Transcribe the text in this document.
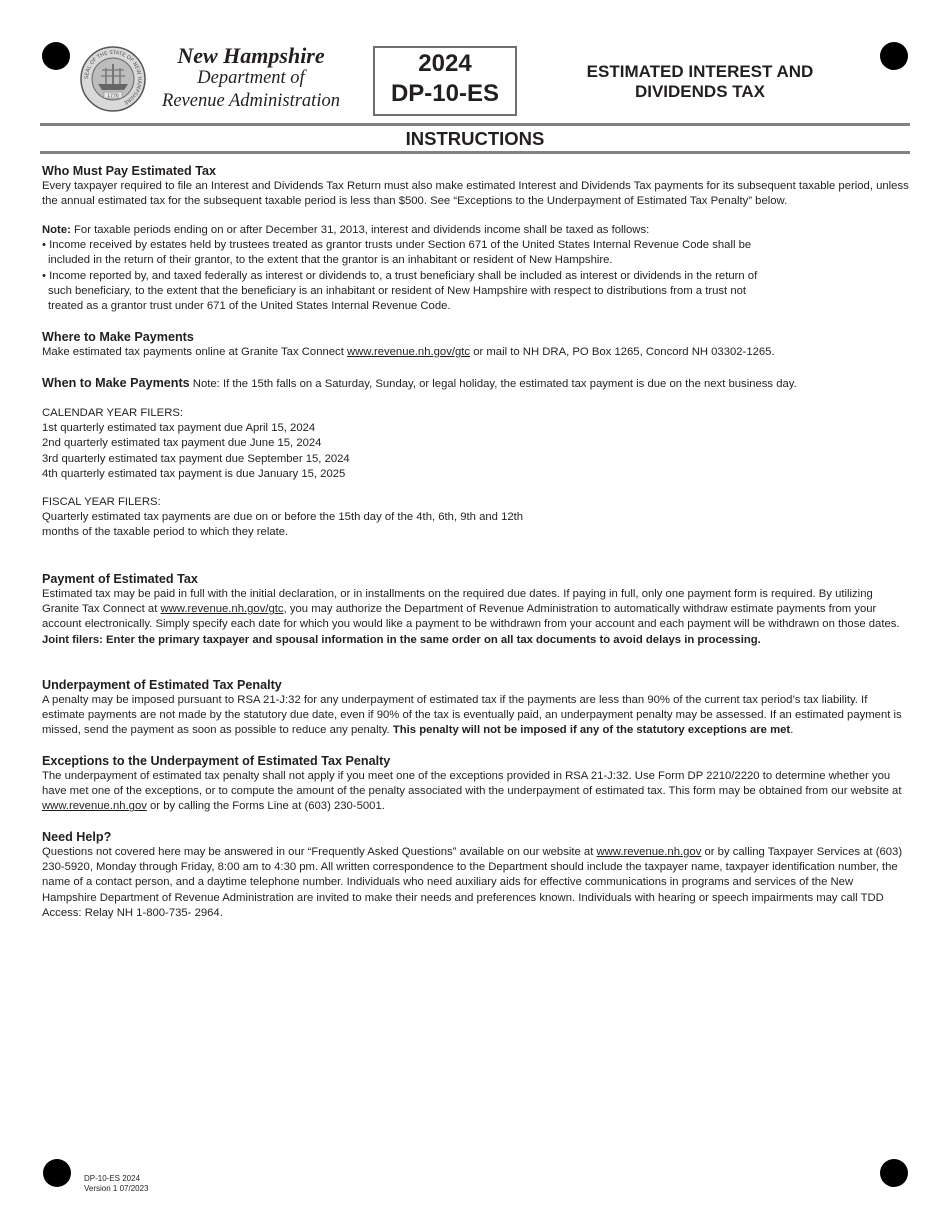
SEAL OF THE STATE OF NEW HAMPSHIRE
1776
New Hampshire
Department of
Revenue Administration
2024
DP-10-ES
ESTIMATED INTEREST AND
DIVIDENDS TAX
INSTRUCTIONS

Who Must Pay Estimated Tax

Every taxpayer required to file an Interest and Dividends Tax Return must also make estimated Interest and Dividends Tax payments for its subsequent taxable period, unless the annual estimated tax for the subsequent taxable period is less than $500. See “Exceptions to the Underpayment of Estimated Tax Penalty” below.

Note: For taxable periods ending on or after December 31, 2013, interest and dividends income shall be taxed as follows:

• Income received by estates held by trustees treated as grantor trusts under Section 671 of the United States Internal Revenue Code shall be
included in the return of their grantor, to the extent that the grantor is an inhabitant or resident of New Hampshire.

• Income reported by, and taxed federally as interest or dividends to, a trust beneficiary shall be included as interest or dividends in the return of
such beneficiary, to the extent that the beneficiary is an inhabitant or resident of New Hampshire with respect to distributions from a trust not
treated as a grantor trust under 671 of the United States Internal Revenue Code.

Where to Make Payments

Make estimated tax payments online at Granite Tax Connect www.revenue.nh.gov/gtc or mail to NH DRA, PO Box 1265, Concord NH 03302-1265.

When to Make Payments Note: If the 15th falls on a Saturday, Sunday, or legal holiday, the estimated tax payment is due on the next business day.

CALENDAR YEAR FILERS:

1st quarterly estimated tax payment due April 15, 2024

2nd quarterly estimated tax payment due June 15, 2024

3rd quarterly estimated tax payment due September 15, 2024

4th quarterly estimated tax payment is due January 15, 2025

FISCAL YEAR FILERS:

Quarterly estimated tax payments are due on or before the 15th day of the 4th, 6th, 9th and 12th

months of the taxable period to which they relate.

Payment of Estimated Tax

Estimated tax may be paid in full with the initial declaration, or in installments on the required due dates. If paying in full, only one payment form is required. By utilizing Granite Tax Connect at www.revenue.nh.gov/gtc, you may authorize the Department of Revenue Administration to automatically withdraw estimate payments from your account electronically. Simply specify each date for which you would like a payment to be withdrawn from your account and each payment will be withdrawn on those dates.

Joint filers: Enter the primary taxpayer and spousal information in the same order on all tax documents to avoid delays in processing.

Underpayment of Estimated Tax Penalty

A penalty may be imposed pursuant to RSA 21-J:32 for any underpayment of estimated tax if the payments are less than 90% of the current tax period’s tax liability. If estimate payments are not made by the statutory due date, even if 90% of the tax is eventually paid, an underpayment penalty may be assessed. If an estimated payment is missed, send the payment as soon as possible to reduce any penalty. This penalty will not be imposed if any of the statutory exceptions are met.

Exceptions to the Underpayment of Estimated Tax Penalty

The underpayment of estimated tax penalty shall not apply if you meet one of the exceptions provided in RSA 21-J:32. Use Form DP 2210/2220 to determine whether you have met one of the exceptions, or to compute the amount of the penalty associated with the underpayment of estimated tax. This form may be obtained from our website at www.revenue.nh.gov or by calling the Forms Line at (603) 230-5001.

Need Help?

Questions not covered here may be answered in our “Frequently Asked Questions” available on our website at www.revenue.nh.gov or by calling Taxpayer Services at (603) 230-5920, Monday through Friday, 8:00 am to 4:30 pm. All written correspondence to the Department should include the taxpayer name, taxpayer identification number, the name of a contact person, and a daytime telephone number. Individuals who need auxiliary aids for effective communications in programs and services of the New Hampshire Department of Revenue Administration are invited to make their needs and preferences known. Individuals with hearing or speech impairments may call TDD Access: Relay NH 1-800-735- 2964.

DP-10-ES 2024
Version 1 07/2023
